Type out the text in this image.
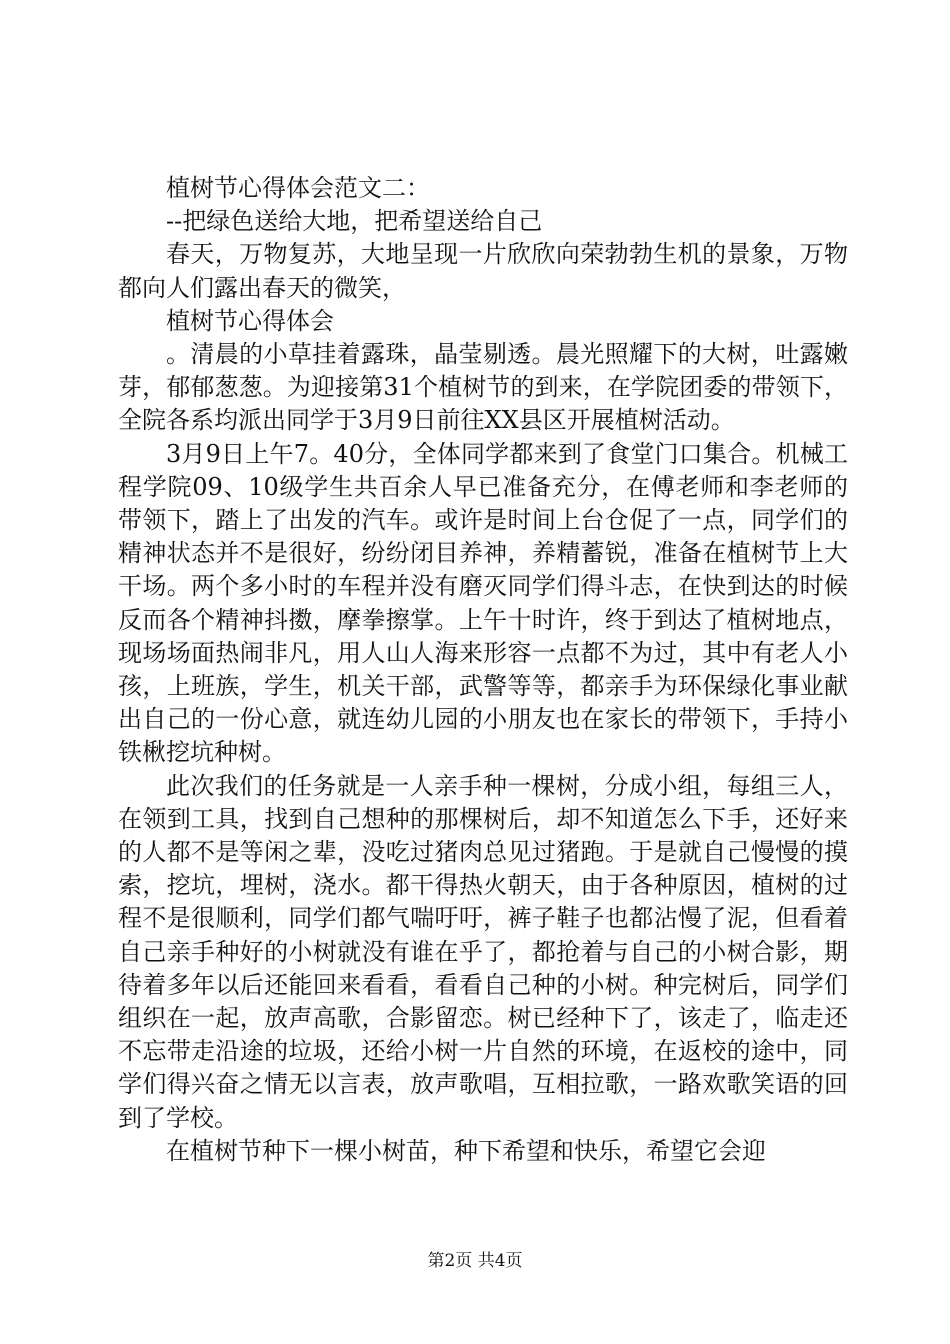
植树节心得体会范文二：

--把绿色送给大地，把希望送给自己

春天，万物复苏，大地呈现一片欣欣向荣勃勃生机的景象，万物都向人们露出春天的微笑，

植树节心得体会

。清晨的小草挂着露珠，晶莹剔透。晨光照耀下的大树，吐露嫩芽，郁郁葱葱。为迎接第31个植树节的到来，在学院团委的带领下，全院各系均派出同学于3月9日前往XX县区开展植树活动。

3月9日上午7。40分，全体同学都来到了食堂门口集合。机械工程学院09、10级学生共百余人早已准备充分，在傅老师和李老师的带领下，踏上了出发的汽车。或许是时间上台仓促了一点，同学们的精神状态并不是很好，纷纷闭目养神，养精蓄锐，准备在植树节上大干场。两个多小时的车程并没有磨灭同学们得斗志，在快到达的时候反而各个精神抖擞，摩拳擦掌。上午十时许，终于到达了植树地点，现场场面热闹非凡，用人山人海来形容一点都不为过，其中有老人小孩，上班族，学生，机关干部，武警等等，都亲手为环保绿化事业献出自己的一份心意，就连幼儿园的小朋友也在家长的带领下，手持小铁楸挖坑种树。

此次我们的任务就是一人亲手种一棵树，分成小组，每组三人，在领到工具，找到自己想种的那棵树后，却不知道怎么下手，还好来的人都不是等闲之辈，没吃过猪肉总见过猪跑。于是就自己慢慢的摸索，挖坑，埋树，浇水。都干得热火朝天，由于各种原因，植树的过程不是很顺利，同学们都气喘吁吁，裤子鞋子也都沾慢了泥，但看着自己亲手种好的小树就没有谁在乎了，都抢着与自己的小树合影，期待着多年以后还能回来看看，看看自己种的小树。种完树后，同学们组织在一起，放声高歌，合影留恋。树已经种下了，该走了，临走还不忘带走沿途的垃圾，还给小树一片自然的环境，在返校的途中，同学们得兴奋之情无以言表，放声歌唱，互相拉歌，一路欢歌笑语的回到了学校。

在植树节种下一棵小树苗，种下希望和快乐，希望它会迎

第2页 共4页
